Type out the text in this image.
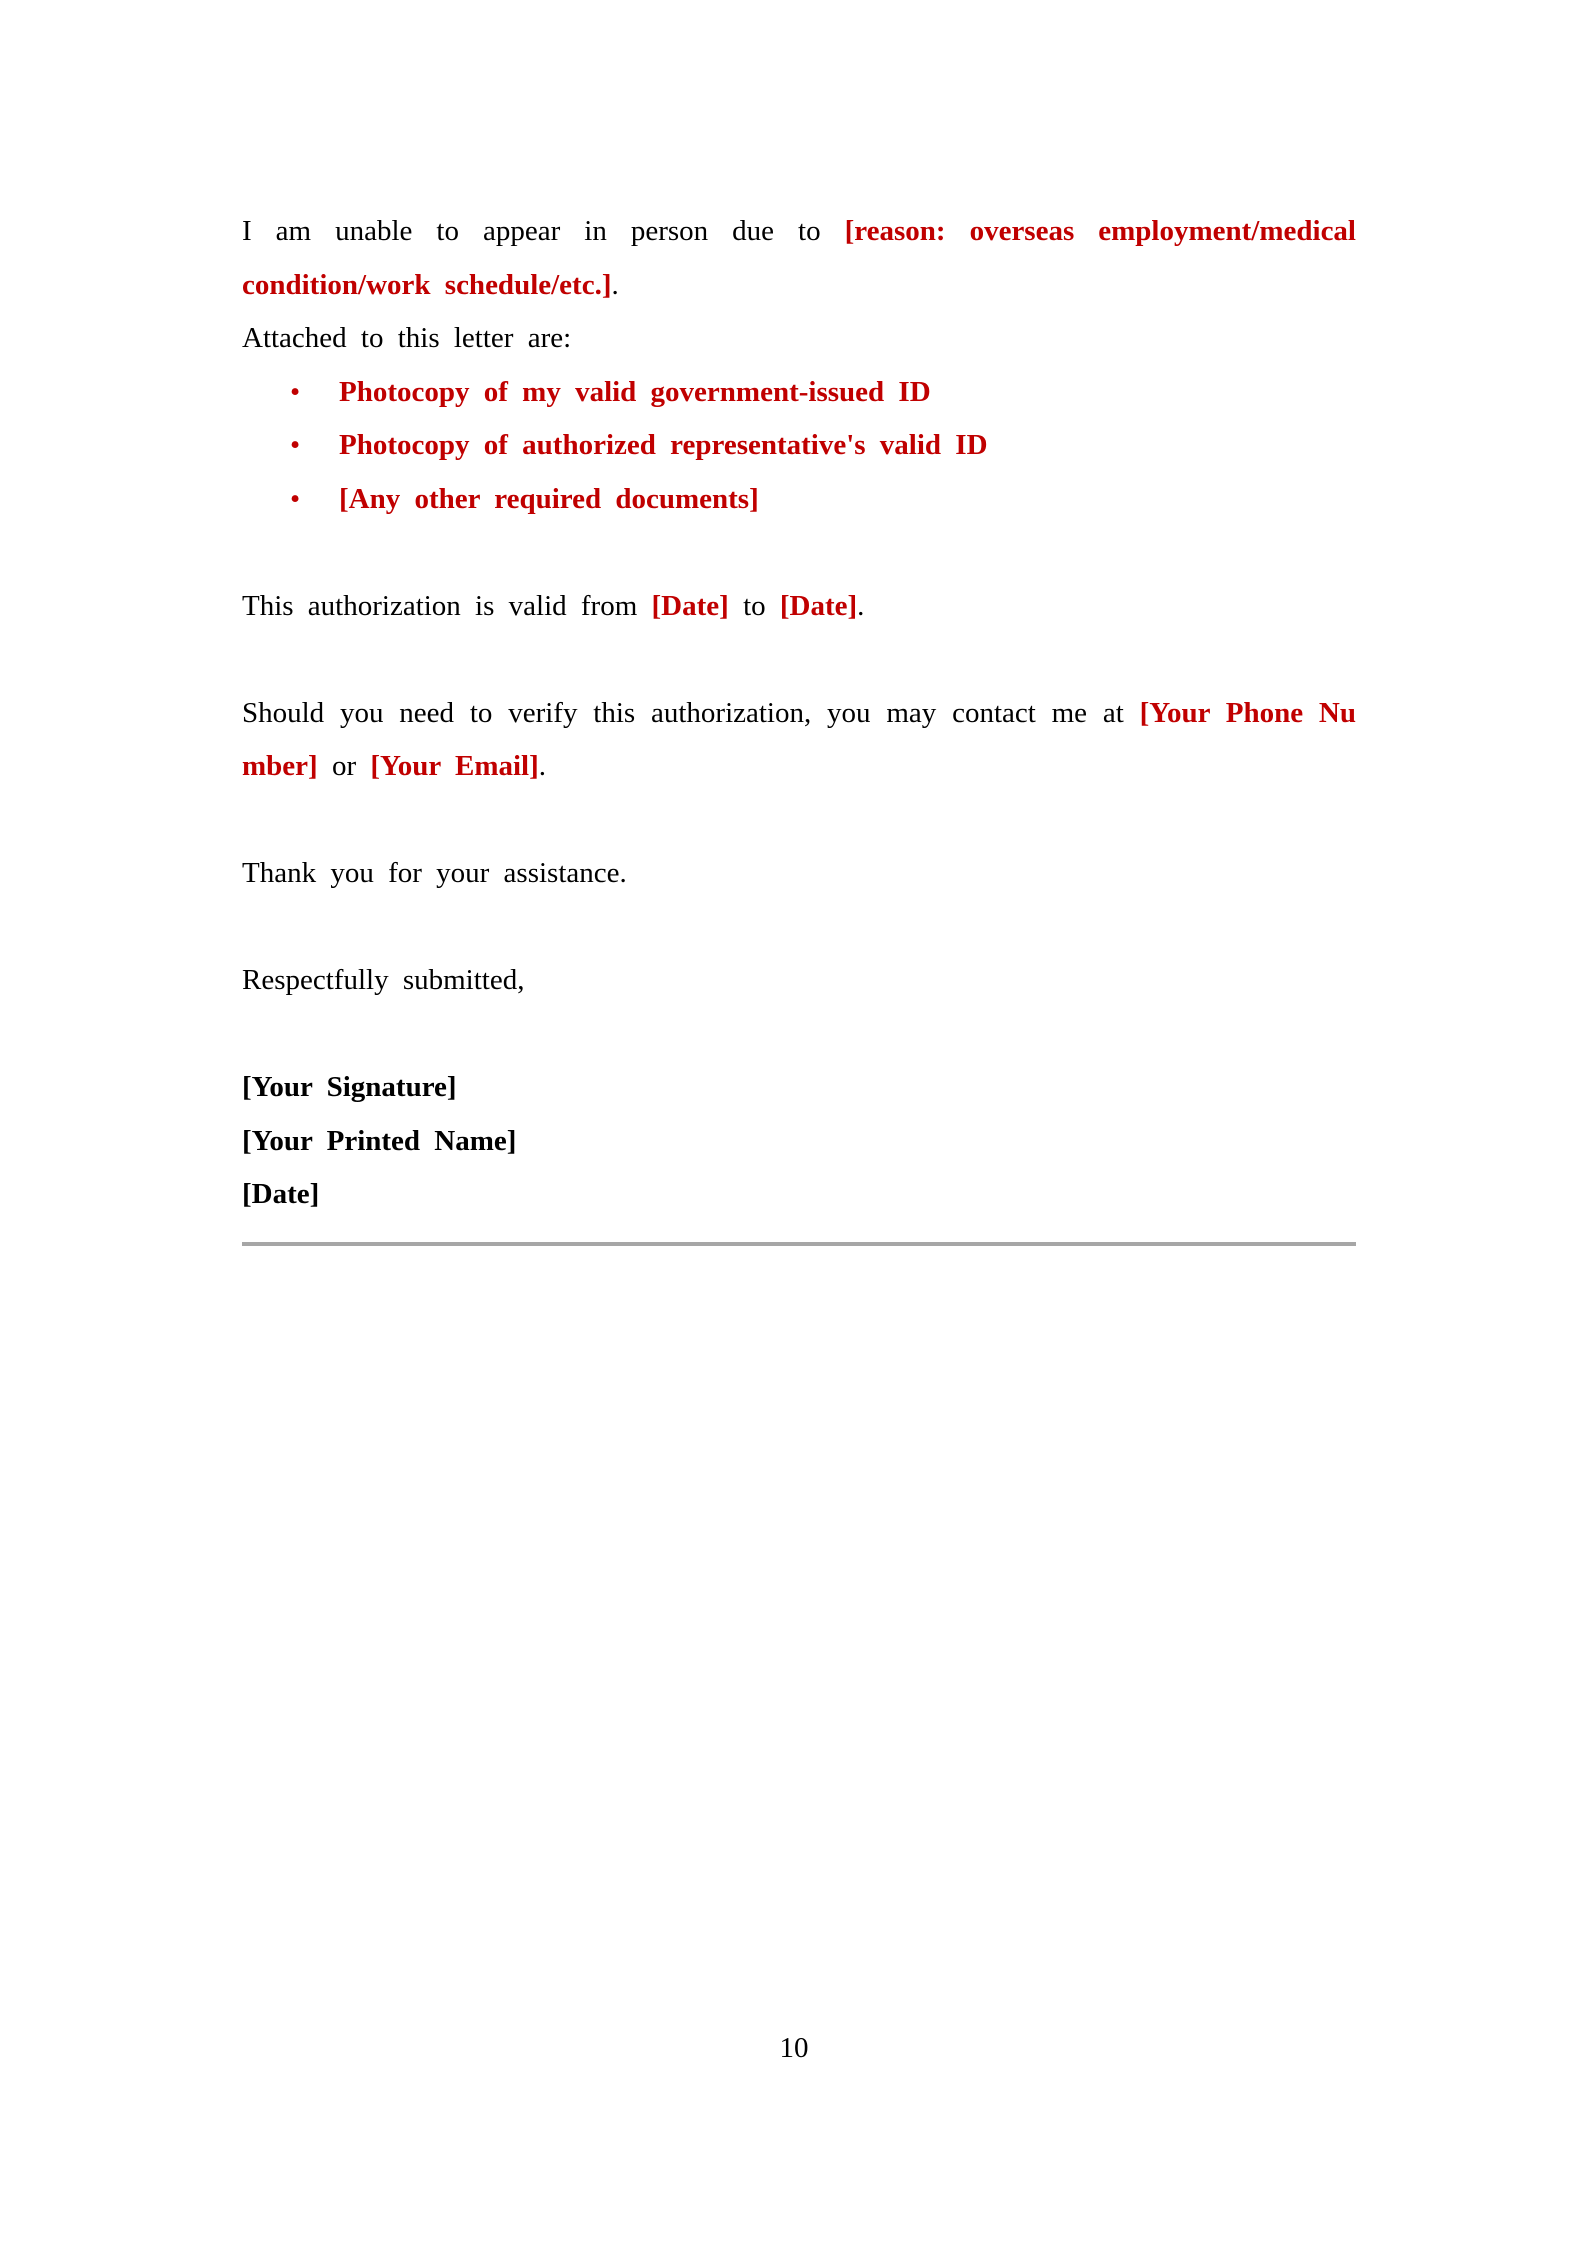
I am unable to appear in person due to [reason: overseas employment/medical condition/work schedule/etc.].

Attached to this letter are:

• Photocopy of my valid government-issued ID
• Photocopy of authorized representative's valid ID
• [Any other required documents]

This authorization is valid from [Date] to [Date].

Should you need to verify this authorization, you may contact me at [Your Phone Number] or [Your Email].

Thank you for your assistance.

Respectfully submitted,

[Your Signature]

[Your Printed Name]

[Date]

10
